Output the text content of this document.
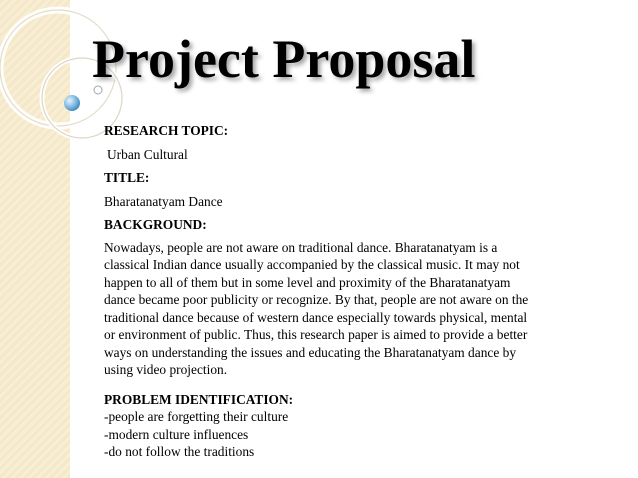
Project Proposal
RESEARCH TOPIC:
Urban Cultural
TITLE:
Bharatanatyam Dance
BACKGROUND:
Nowadays, people are not aware on traditional dance. Bharatanatyam is a classical Indian dance usually accompanied by the classical music. It may not happen to all of them but in some level and proximity of the Bharatanatyam dance became poor publicity or recognize. By that, people are not aware on the traditional dance because of western dance especially towards physical, mental or environment of public. Thus, this research paper is aimed to provide a better ways on understanding the issues and educating the Bharatanatyam dance by using video projection.
PROBLEM IDENTIFICATION:
-people are forgetting their culture
-modern culture influences
-do not follow the traditions
